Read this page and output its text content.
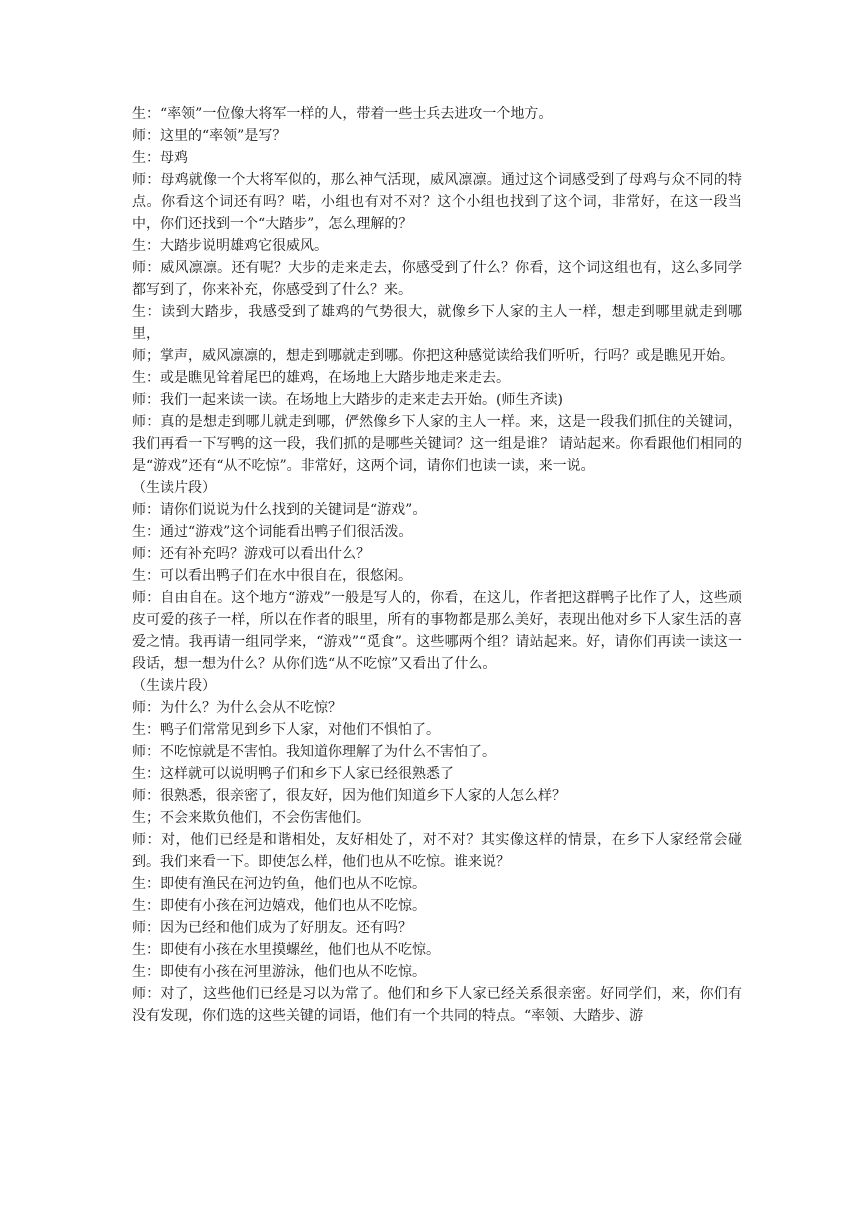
生：“率领”一位像大将军一样的人，带着一些士兵去进攻一个地方。

师：这里的“率领”是写？

生：母鸡

师：母鸡就像一个大将军似的，那么神气活现，威风凛凛。通过这个词感受到了母鸡与众不同的特点。你看这个词还有吗？喏，小组也有对不对？这个小组也找到了这个词，非常好，在这一段当中，你们还找到一个“大踏步”，怎么理解的？

生：大踏步说明雄鸡它很威风。

师：威风凛凛。还有呢？大步的走来走去，你感受到了什么？你看，这个词这组也有，这么多同学都写到了，你来补充，你感受到了什么？来。

生：读到大踏步，我感受到了雄鸡的气势很大，就像乡下人家的主人一样，想走到哪里就走到哪里，

师；掌声，威风凛凛的，想走到哪就走到哪。你把这种感觉读给我们听听，行吗？或是瞧见开始。

生：或是瞧见耸着尾巴的雄鸡，在场地上大踏步地走来走去。

师：我们一起来读一读。在场地上大踏步的走来走去开始。(师生齐读)

师：真的是想走到哪儿就走到哪，俨然像乡下人家的主人一样。来，这是一段我们抓住的关键词，我们再看一下写鸭的这一段，我们抓的是哪些关键词？这一组是谁？ 请站起来。你看跟他们相同的是“游戏”还有“从不吃惊”。非常好，这两个词，请你们也读一读，来一说。

（生读片段）

师：请你们说说为什么找到的关键词是“游戏”。

生：通过“游戏”这个词能看出鸭子们很活泼。

师：还有补充吗？游戏可以看出什么？

生：可以看出鸭子们在水中很自在，很悠闲。

师：自由自在。这个地方“游戏”一般是写人的，你看，在这儿，作者把这群鸭子比作了人，这些顽皮可爱的孩子一样，所以在作者的眼里，所有的事物都是那么美好，表现出他对乡下人家生活的喜爱之情。我再请一组同学来，“游戏”“觅食”。这些哪两个组？请站起来。好，请你们再读一读这一段话，想一想为什么？从你们选“从不吃惊”又看出了什么。

（生读片段）

师：为什么？为什么会从不吃惊？

生：鸭子们常常见到乡下人家，对他们不惧怕了。

师：不吃惊就是不害怕。我知道你理解了为什么不害怕了。

生：这样就可以说明鸭子们和乡下人家已经很熟悉了

师：很熟悉，很亲密了，很友好，因为他们知道乡下人家的人怎么样？

生；不会来欺负他们，不会伤害他们。

师：对，他们已经是和谐相处，友好相处了，对不对？其实像这样的情景，在乡下人家经常会碰到。我们来看一下。即使怎么样，他们也从不吃惊。谁来说？

生：即使有渔民在河边钓鱼，他们也从不吃惊。

生：即使有小孩在河边嬉戏，他们也从不吃惊。

师：因为已经和他们成为了好朋友。还有吗？

生：即使有小孩在水里摸螺丝，他们也从不吃惊。

生：即使有小孩在河里游泳，他们也从不吃惊。

师：对了，这些他们已经是习以为常了。他们和乡下人家已经关系很亲密。好同学们，来，你们有没有发现，你们选的这些关键的词语，他们有一个共同的特点。“率领、大踏步、游
